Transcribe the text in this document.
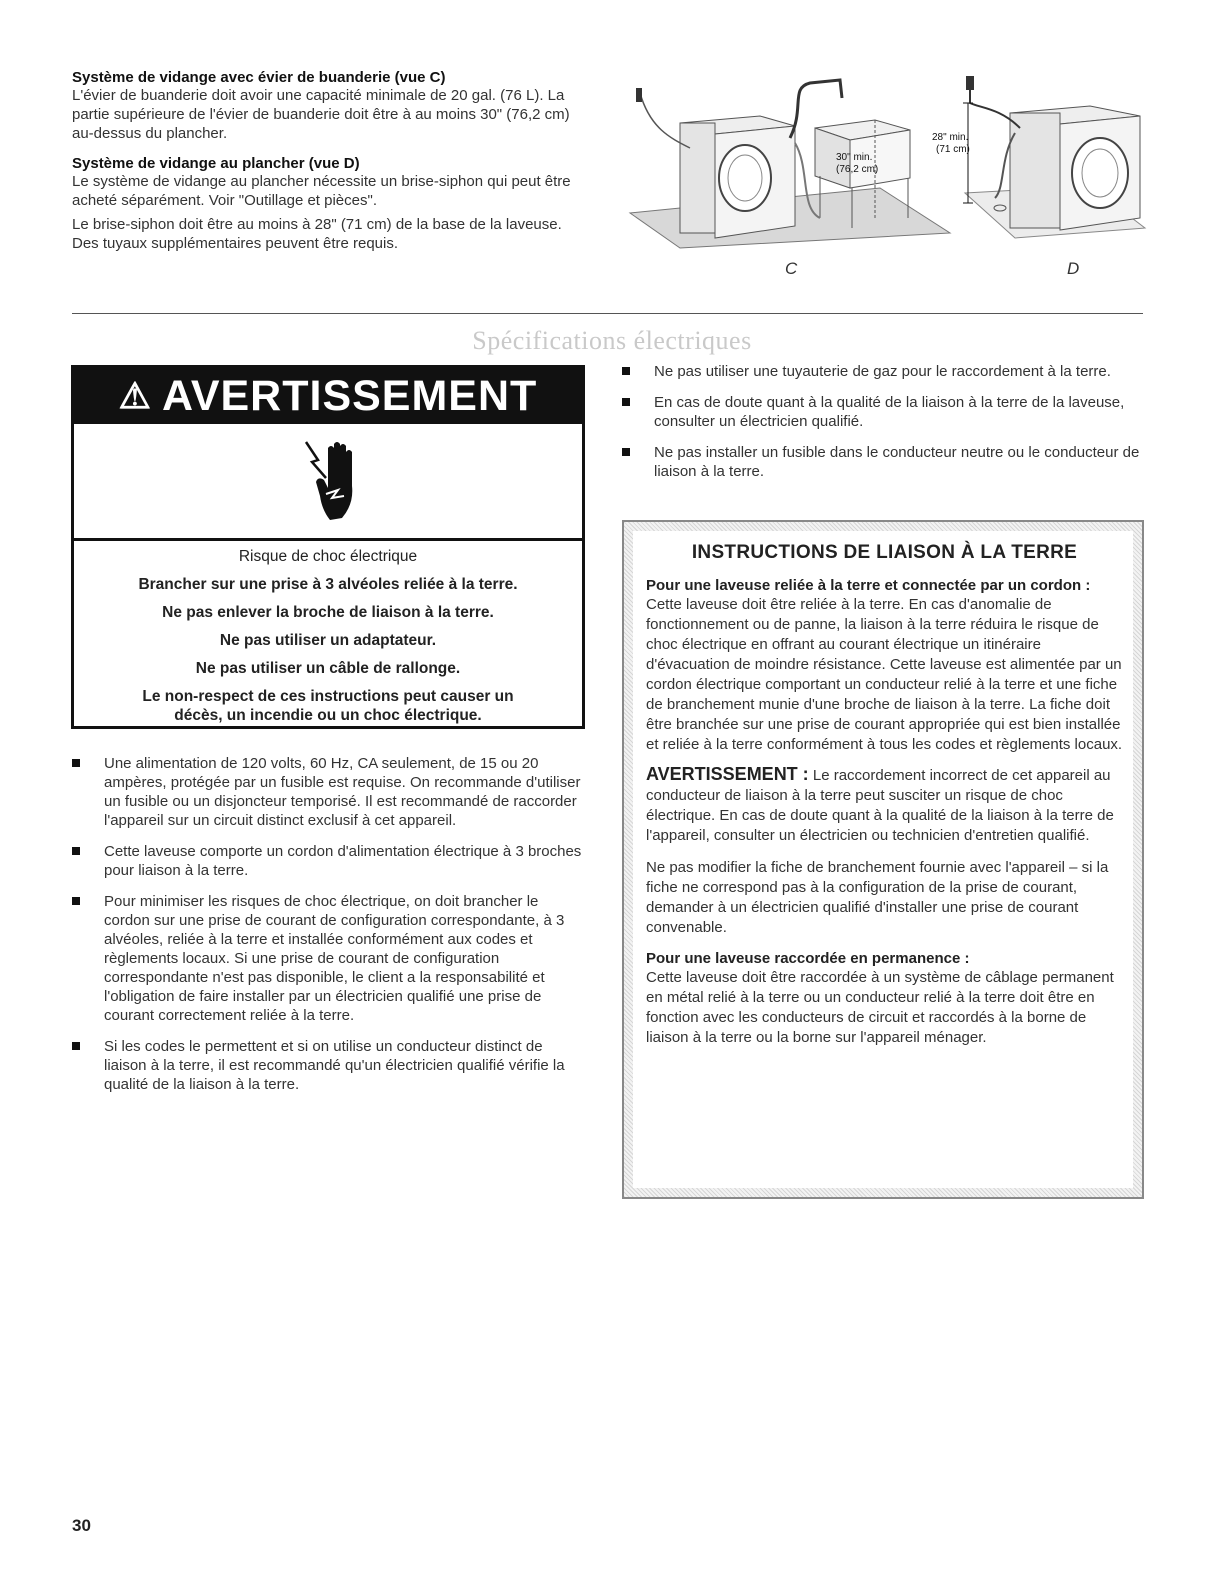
Système de vidange avec évier de buanderie (vue C)

L'évier de buanderie doit avoir une capacité minimale de 20 gal. (76 L). La partie supérieure de l'évier de buanderie doit être à au moins 30" (76,2 cm) au-dessus du plancher.

Système de vidange au plancher (vue D)

Le système de vidange au plancher nécessite un brise-siphon qui peut être acheté séparément. Voir "Outillage et pièces".

Le brise-siphon doit être au moins à 28" (71 cm) de la base de la laveuse. Des tuyaux supplémentaires peuvent être requis.

30" min.
(76,2 cm)
28" min.
(71 cm)
C	D
Spécifications électriques
⚠ AVERTISSEMENT

Risque de choc électrique

Brancher sur une prise à 3 alvéoles reliée à la terre.

Ne pas enlever la broche de liaison à la terre.

Ne pas utiliser un adaptateur.

Ne pas utiliser un câble de rallonge.

Le non-respect de ces instructions peut causer un décès, un incendie ou un choc électrique.

Une alimentation de 120 volts, 60 Hz, CA seulement, de 15 ou 20 ampères, protégée par un fusible est requise. On recommande d'utiliser un fusible ou un disjoncteur temporisé. Il est recommandé de raccorder l'appareil sur un circuit distinct exclusif à cet appareil.
Cette laveuse comporte un cordon d'alimentation électrique à 3 broches pour liaison à la terre.
Pour minimiser les risques de choc électrique, on doit brancher le cordon sur une prise de courant de configuration correspondante, à 3 alvéoles, reliée à la terre et installée conformément aux codes et règlements locaux. Si une prise de courant de configuration correspondante n'est pas disponible, le client a la responsabilité et l'obligation de faire installer par un électricien qualifié une prise de courant correctement reliée à la terre.
Si les codes le permettent et si on utilise un conducteur distinct de liaison à la terre, il est recommandé qu'un électricien qualifié vérifie la qualité de la liaison à la terre.
Ne pas utiliser une tuyauterie de gaz pour le raccordement à la terre.
En cas de doute quant à la qualité de la liaison à la terre de la laveuse, consulter un électricien qualifié.
Ne pas installer un fusible dans le conducteur neutre ou le conducteur de liaison à la terre.
INSTRUCTIONS DE LIAISON À LA TERRE

Pour une laveuse reliée à la terre et connectée par un cordon :

Cette laveuse doit être reliée à la terre. En cas d'anomalie de fonctionnement ou de panne, la liaison à la terre réduira le risque de choc électrique en offrant au courant électrique un itinéraire d'évacuation de moindre résistance. Cette laveuse est alimentée par un cordon électrique comportant un conducteur relié à la terre et une fiche de branchement munie d'une broche de liaison à la terre. La fiche doit être branchée sur une prise de courant appropriée qui est bien installée et reliée à la terre conformément à tous les codes et règlements locaux.

AVERTISSEMENT : Le raccordement incorrect de cet appareil au conducteur de liaison à la terre peut susciter un risque de choc électrique. En cas de doute quant à la qualité de la liaison à la terre de l'appareil, consulter un électricien ou technicien d'entretien qualifié.

Ne pas modifier la fiche de branchement fournie avec l'appareil – si la fiche ne correspond pas à la configuration de la prise de courant, demander à un électricien qualifié d'installer une prise de courant convenable.

Pour une laveuse raccordée en permanence :

Cette laveuse doit être raccordée à un système de câblage permanent en métal relié à la terre ou un conducteur relié à la terre doit être en fonction avec les conducteurs de circuit et raccordés à la borne de liaison à la terre ou la borne sur l'appareil ménager.

30
